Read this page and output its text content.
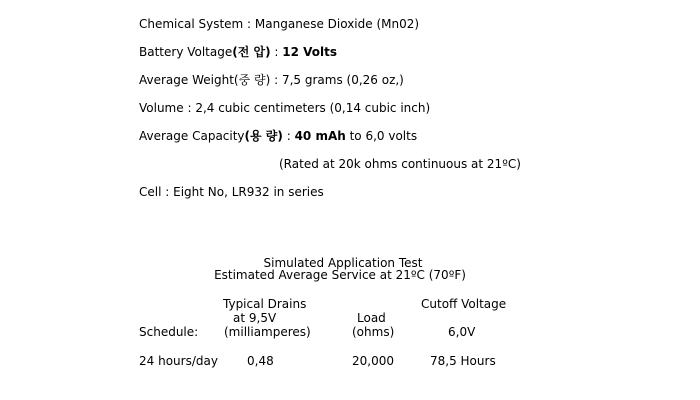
Chemical System : Manganese Dioxide (Mn02)
Battery Voltage(전 압) : 12 Volts
Average Weight(중 량) : 7,5 grams (0,26 oz,)
Volume : 2,4 cubic centimeters (0,14 cubic inch)
Average Capacity(용 량) : 40 mAh to 6,0 volts
(Rated at 20k ohms continuous at 21ºC)
Cell : Eight No, LR932 in series
Simulated Application Test
Estimated Average Service at 21ºC (70ºF)
Typical Drains
at 9,5V
(milliamperes)
Load
(ohms)
Cutoff Voltage
6,0V
Schedule:
24 hours/day 0,48	20,000	78,5 Hours
